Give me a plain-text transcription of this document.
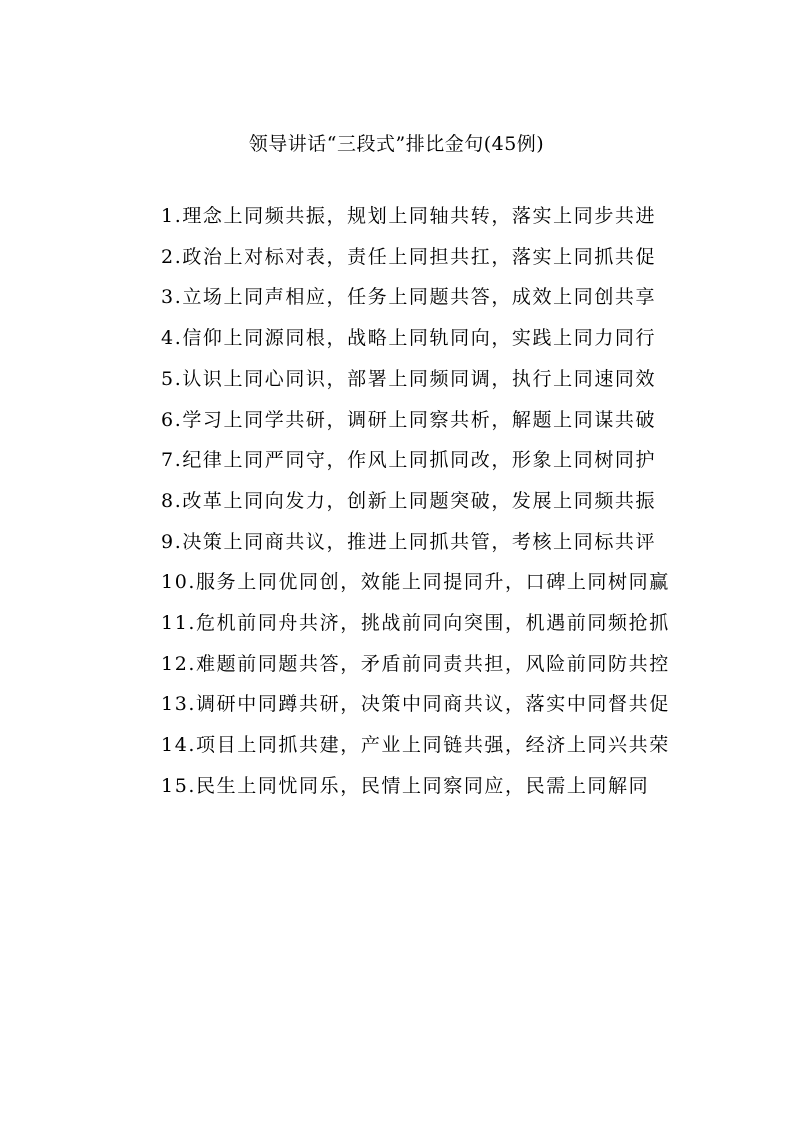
领导讲话“三段式”排比金句(45例)

1.理念上同频共振，规划上同轴共转，落实上同步共进

2.政治上对标对表，责任上同担共扛，落实上同抓共促

3.立场上同声相应，任务上同题共答，成效上同创共享

4.信仰上同源同根，战略上同轨同向，实践上同力同行

5.认识上同心同识，部署上同频同调，执行上同速同效

6.学习上同学共研，调研上同察共析，解题上同谋共破

7.纪律上同严同守，作风上同抓同改，形象上同树同护

8.改革上同向发力，创新上同题突破，发展上同频共振

9.决策上同商共议，推进上同抓共管，考核上同标共评

10.服务上同优同创，效能上同提同升，口碑上同树同赢

11.危机前同舟共济，挑战前同向突围，机遇前同频抢抓

12.难题前同题共答，矛盾前同责共担，风险前同防共控

13.调研中同蹲共研，决策中同商共议，落实中同督共促

14.项目上同抓共建，产业上同链共强，经济上同兴共荣

15.民生上同忧同乐，民情上同察同应，民需上同解同
